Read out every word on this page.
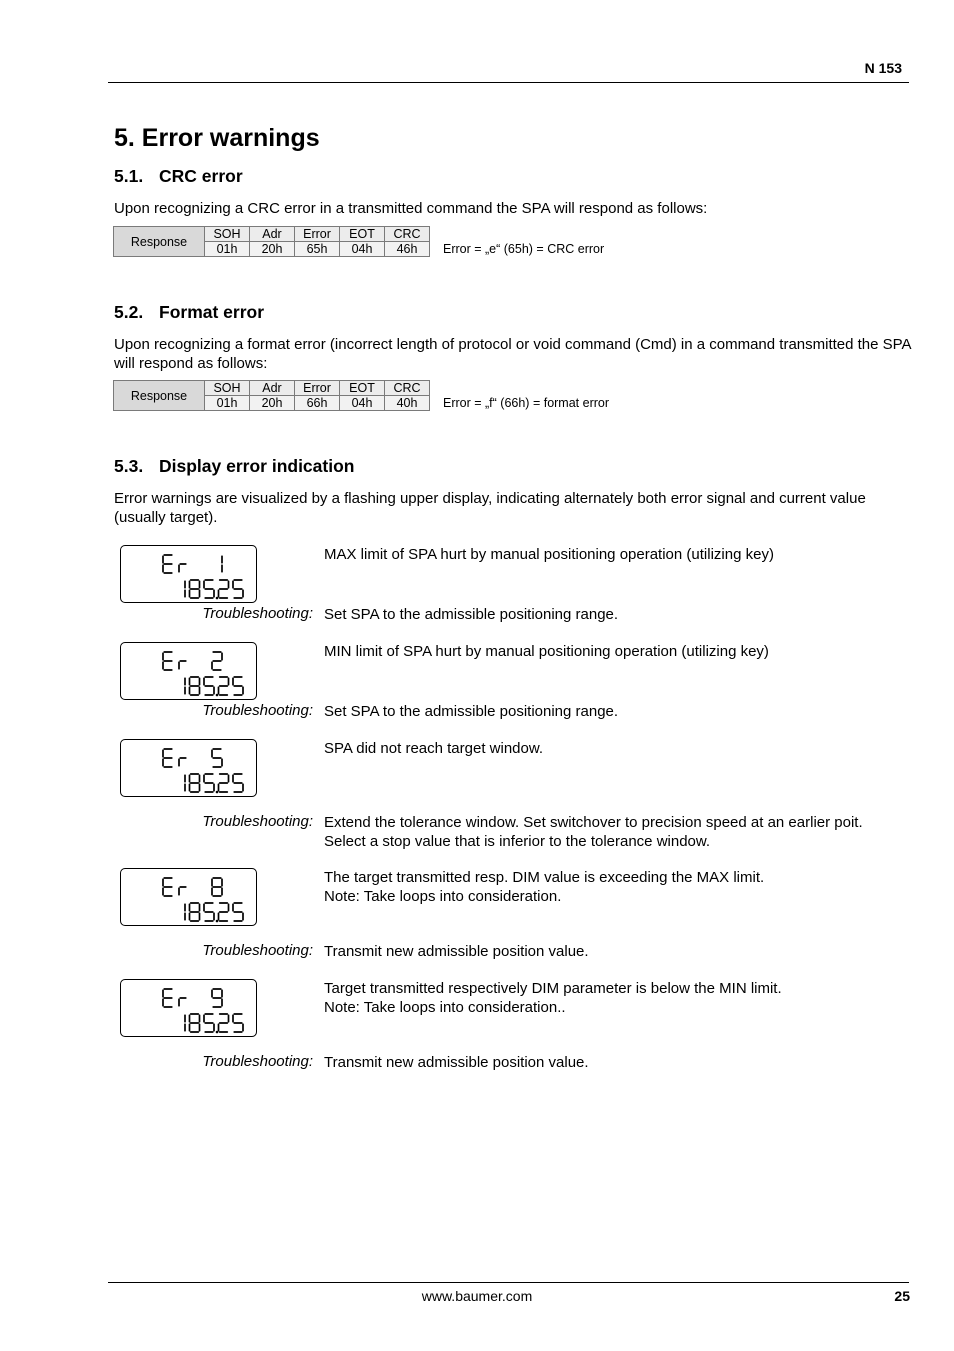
N 153
5. Error warnings
5.1. CRC error

Upon recognizing a CRC error in a transmitted command the SPA will respond as follows:

Response	SOH	Adr	Error	EOT	CRC
	01h	20h	65h	04h	46h Error = „e“ (65h) = CRC error
5.2. Format error

Upon recognizing a format error (incorrect length of protocol or void command (Cmd) in a command transmitted the SPA will respond as follows:

Response	SOH	Adr	Error	EOT	CRC
	01h	20h	66h	04h	40h Error = „f“ (66h) = format error
5.3. Display error indication

Error warnings are visualized by a flashing upper display, indicating alternately both error signal and current value (usually target).

MAX limit of SPA hurt by manual positioning operation (utilizing key)
Troubleshooting: Set SPA to the admissible positioning range.
MIN limit of SPA hurt by manual positioning operation (utilizing key)
Troubleshooting: Set SPA to the admissible positioning range.
SPA did not reach target window.
Troubleshooting: Extend the tolerance window. Set switchover to precision speed at an earlier poit.
Select a stop value that is inferior to the tolerance window.
The target transmitted resp. DIM value is exceeding the MAX limit.
Note: Take loops into consideration.
Troubleshooting: Transmit new admissible position value.
Target transmitted respectively DIM parameter is below the MIN limit.
Note: Take loops into consideration..
Troubleshooting: Transmit new admissible position value.
www.baumer.com	25
